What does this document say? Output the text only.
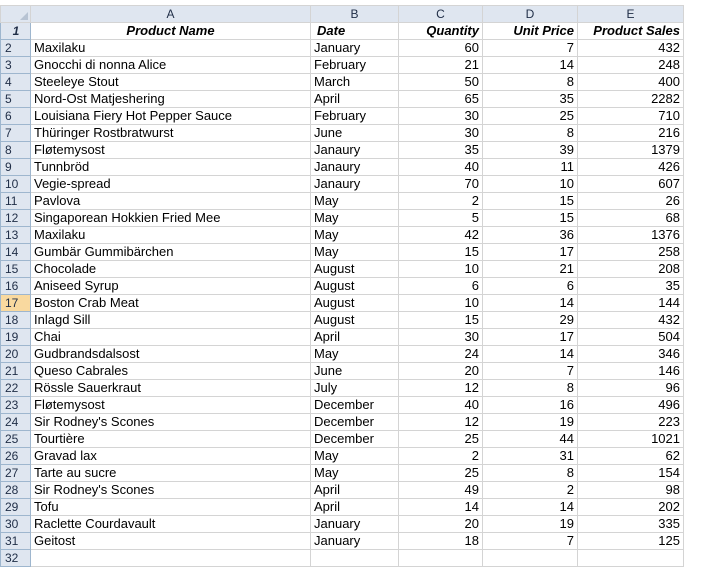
	A	B	C	D	E
1	Product Name	Date	Quantity	Unit Price	Product Sales
2	Maxilaku	January	60	7	432
3	Gnocchi di nonna Alice	February	21	14	248
4	Steeleye Stout	March	50	8	400
5	Nord-Ost Matjeshering	April	65	35	2282
6	Louisiana Fiery Hot Pepper Sauce	February	30	25	710
7	Thüringer Rostbratwurst	June	30	8	216
8	Fløtemysost	Janaury	35	39	1379
9	Tunnbröd	Janaury	40	11	426
10	Vegie-spread	Janaury	70	10	607
11	Pavlova	May	2	15	26
12	Singaporean Hokkien Fried Mee	May	5	15	68
13	Maxilaku	May	42	36	1376
14	Gumbär Gummibärchen	May	15	17	258
15	Chocolade	August	10	21	208
16	Aniseed Syrup	August	6	6	35
17	Boston Crab Meat	August	10	14	144
18	Inlagd Sill	August	15	29	432
19	Chai	April	30	17	504
20	Gudbrandsdalsost	May	24	14	346
21	Queso Cabrales	June	20	7	146
22	Rössle Sauerkraut	July	12	8	96
23	Fløtemysost	December	40	16	496
24	Sir Rodney's Scones	December	12	19	223
25	Tourtière	December	25	44	1021
26	Gravad lax	May	2	31	62
27	Tarte au sucre	May	25	8	154
28	Sir Rodney's Scones	April	49	2	98
29	Tofu	April	14	14	202
30	Raclette Courdavault	January	20	19	335
31	Geitost	January	18	7	125
32					
